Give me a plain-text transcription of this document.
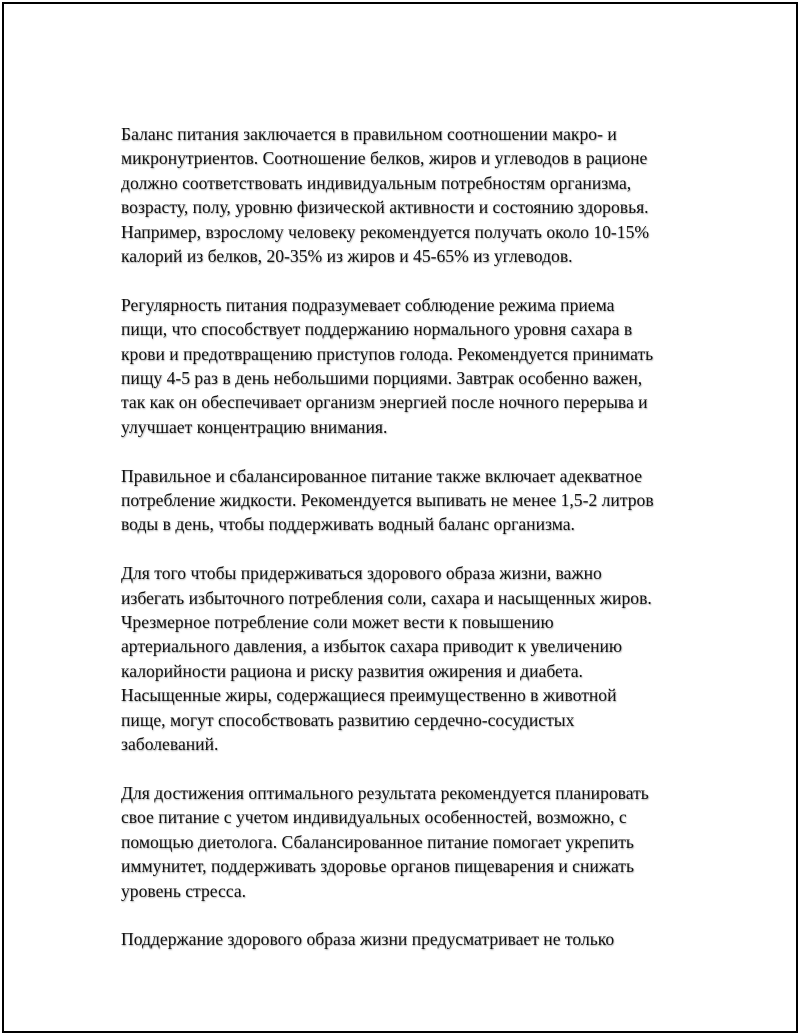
Баланс питания заключается в правильном соотношении макро- и
микронутриентов. Соотношение белков, жиров и углеводов в рационе
должно соответствовать индивидуальным потребностям организма,
возрасту, полу, уровню физической активности и состоянию здоровья.
Например, взрослому человеку рекомендуется получать около 10-15%
калорий из белков, 20-35% из жиров и 45-65% из углеводов.

Регулярность питания подразумевает соблюдение режима приема
пищи, что способствует поддержанию нормального уровня сахара в
крови и предотвращению приступов голода. Рекомендуется принимать
пищу 4-5 раз в день небольшими порциями. Завтрак особенно важен,
так как он обеспечивает организм энергией после ночного перерыва и
улучшает концентрацию внимания.

Правильное и сбалансированное питание также включает адекватное
потребление жидкости. Рекомендуется выпивать не менее 1,5-2 литров
воды в день, чтобы поддерживать водный баланс организма.

Для того чтобы придерживаться здорового образа жизни, важно
избегать избыточного потребления соли, сахара и насыщенных жиров.
Чрезмерное потребление соли может вести к повышению
артериального давления, а избыток сахара приводит к увеличению
калорийности рациона и риску развития ожирения и диабета.
Насыщенные жиры, содержащиеся преимущественно в животной
пище, могут способствовать развитию сердечно-сосудистых
заболеваний.

Для достижения оптимального результата рекомендуется планировать
свое питание с учетом индивидуальных особенностей, возможно, с
помощью диетолога. Сбалансированное питание помогает укрепить
иммунитет, поддерживать здоровье органов пищеварения и снижать
уровень стресса.

Поддержание здорового образа жизни предусматривает не только
